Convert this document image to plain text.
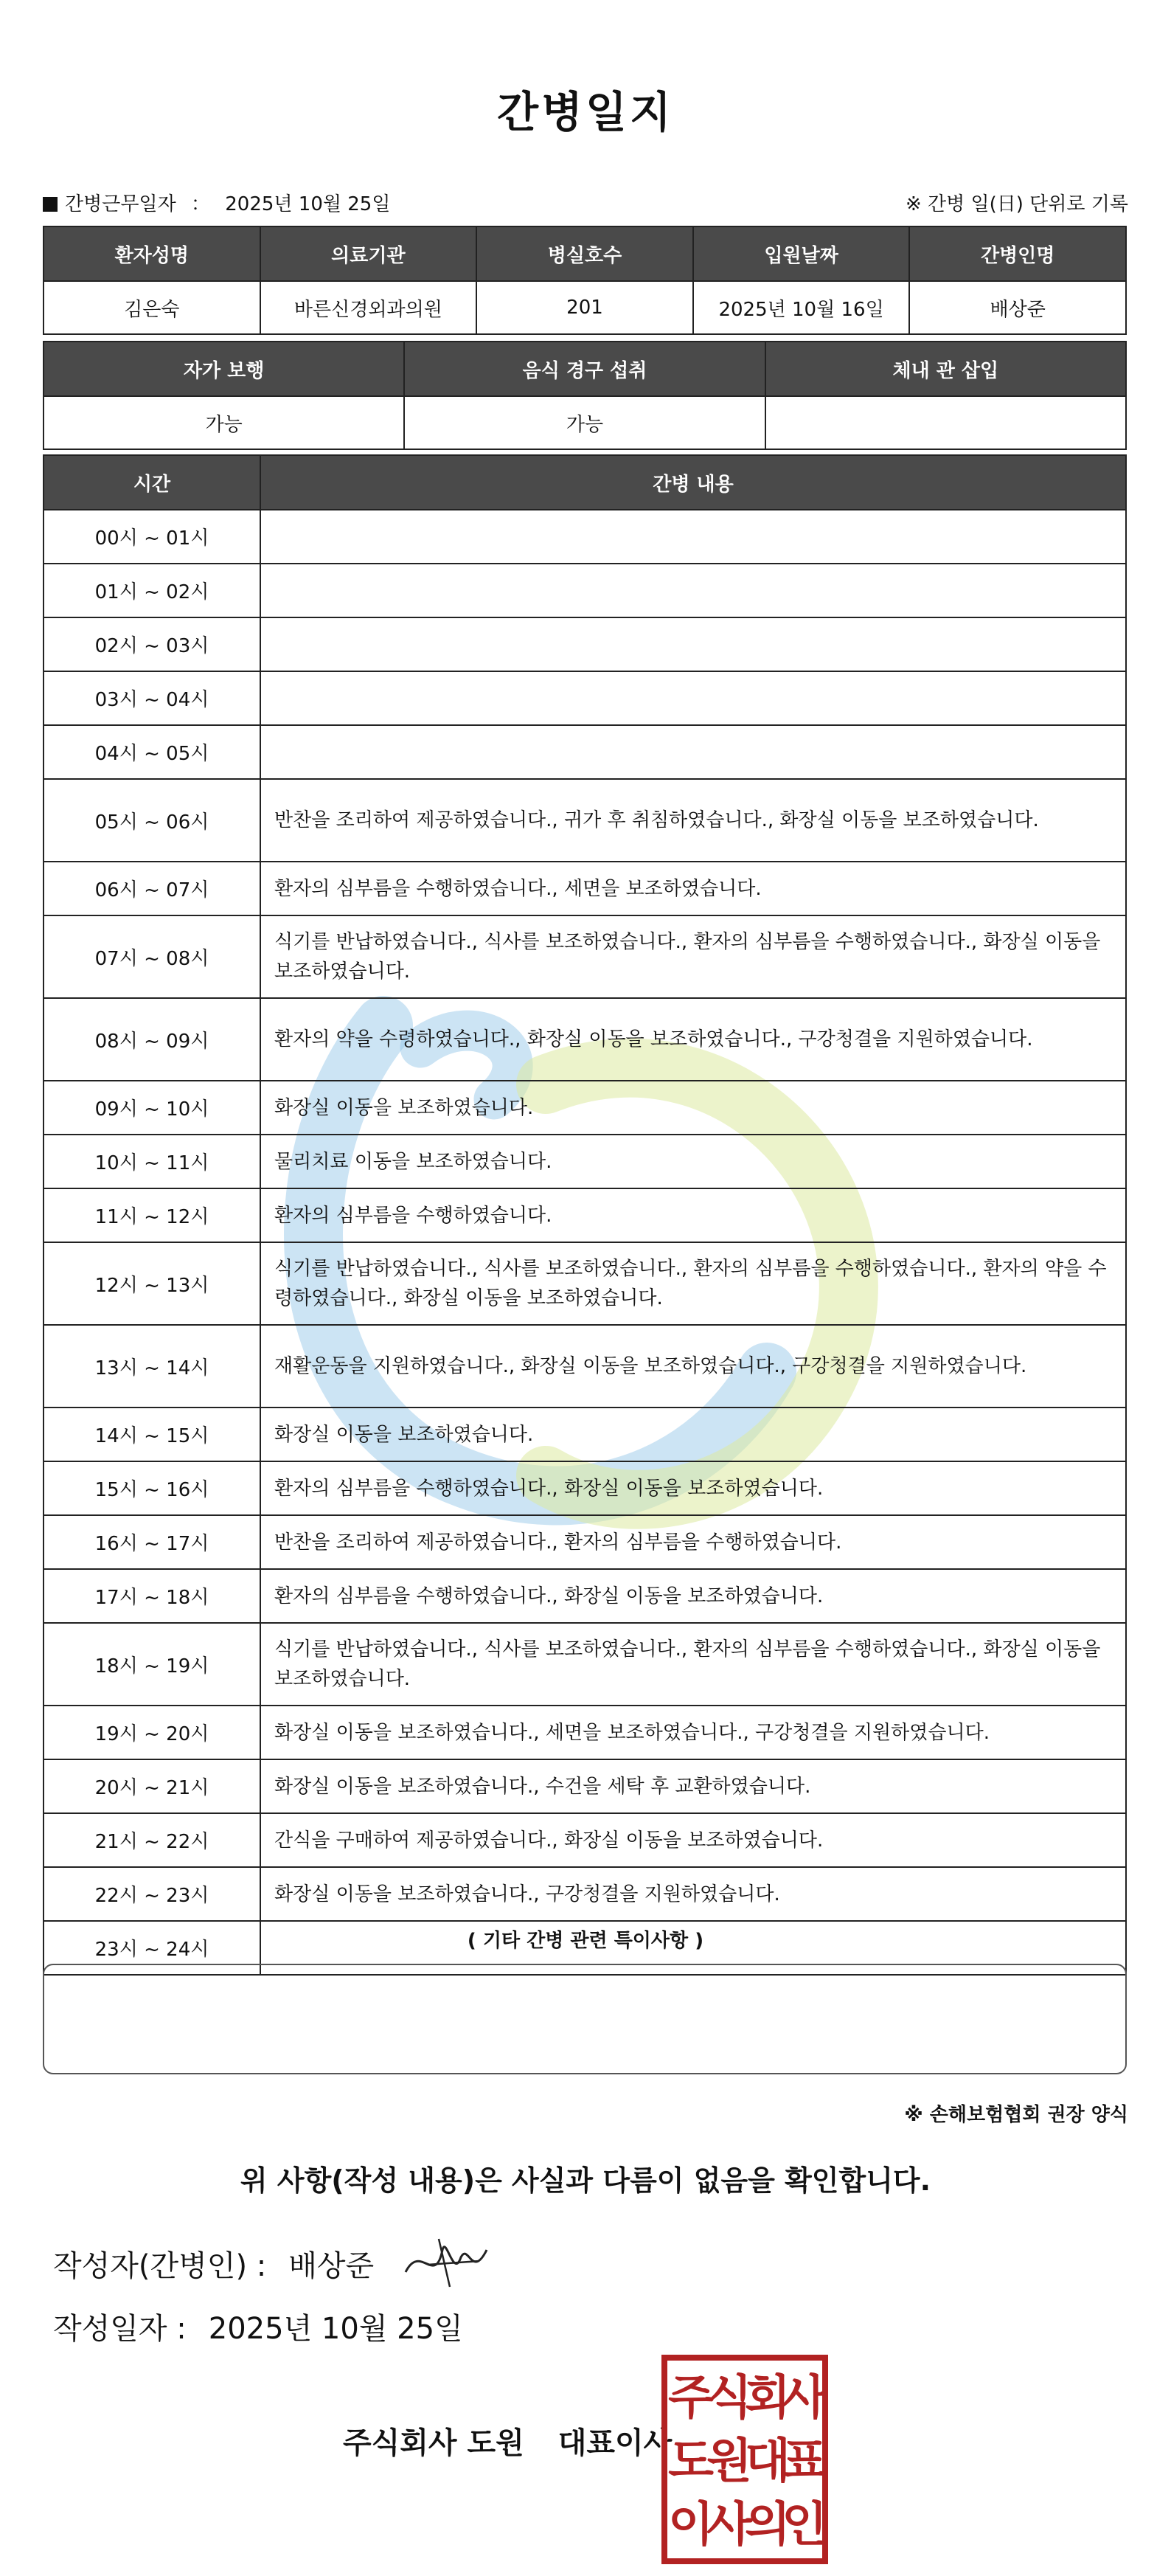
간병일지
간병근무일자 ： 2025년 10월 25일	※ 간병 일(日) 단위로 기록
환자성명	의료기관	병실호수	입원날짜	간병인명
김은숙	바른신경외과의원	201	2025년 10월 16일	배상준
자가 보행	음식 경구 섭취	체내 관 삽입
가능	가능	
시간	간병 내용
00시 ~ 01시	
01시 ~ 02시	
02시 ~ 03시	
03시 ~ 04시	
04시 ~ 05시	
05시 ~ 06시	반찬을 조리하여 제공하였습니다., 귀가 후 취침하였습니다., 화장실 이동을 보조하였습니다.
06시 ~ 07시	환자의 심부름을 수행하였습니다., 세면을 보조하였습니다.
07시 ~ 08시	식기를 반납하였습니다., 식사를 보조하였습니다., 환자의 심부름을 수행하였습니다., 화장실 이동을 보조하였습니다.
08시 ~ 09시	환자의 약을 수령하였습니다., 화장실 이동을 보조하였습니다., 구강청결을 지원하였습니다.
09시 ~ 10시	화장실 이동을 보조하였습니다.
10시 ~ 11시	물리치료 이동을 보조하였습니다.
11시 ~ 12시	환자의 심부름을 수행하였습니다.
12시 ~ 13시	식기를 반납하였습니다., 식사를 보조하였습니다., 환자의 심부름을 수행하였습니다., 환자의 약을 수령하였습니다., 화장실 이동을 보조하였습니다.
13시 ~ 14시	재활운동을 지원하였습니다., 화장실 이동을 보조하였습니다., 구강청결을 지원하였습니다.
14시 ~ 15시	화장실 이동을 보조하였습니다.
15시 ~ 16시	환자의 심부름을 수행하였습니다., 화장실 이동을 보조하였습니다.
16시 ~ 17시	반찬을 조리하여 제공하였습니다., 환자의 심부름을 수행하였습니다.
17시 ~ 18시	환자의 심부름을 수행하였습니다., 화장실 이동을 보조하였습니다.
18시 ~ 19시	식기를 반납하였습니다., 식사를 보조하였습니다., 환자의 심부름을 수행하였습니다., 화장실 이동을 보조하였습니다.
19시 ~ 20시	화장실 이동을 보조하였습니다., 세면을 보조하였습니다., 구강청결을 지원하였습니다.
20시 ~ 21시	화장실 이동을 보조하였습니다., 수건을 세탁 후 교환하였습니다.
21시 ~ 22시	간식을 구매하여 제공하였습니다., 화장실 이동을 보조하였습니다.
22시 ~ 23시	화장실 이동을 보조하였습니다., 구강청결을 지원하였습니다.
23시 ~ 24시		( 기타 간병 관련 특이사항 )
※ 손해보험협회 권장 양식
위 사항(작성 내용)은 사실과 다름이 없음을 확인합니다.
작성자(간병인) : 배상준
작성일자 : 2025년 10월 25일
주식회사 도원 대표이사
주
식
회
사
도
원
대
표
이
사
의
인
